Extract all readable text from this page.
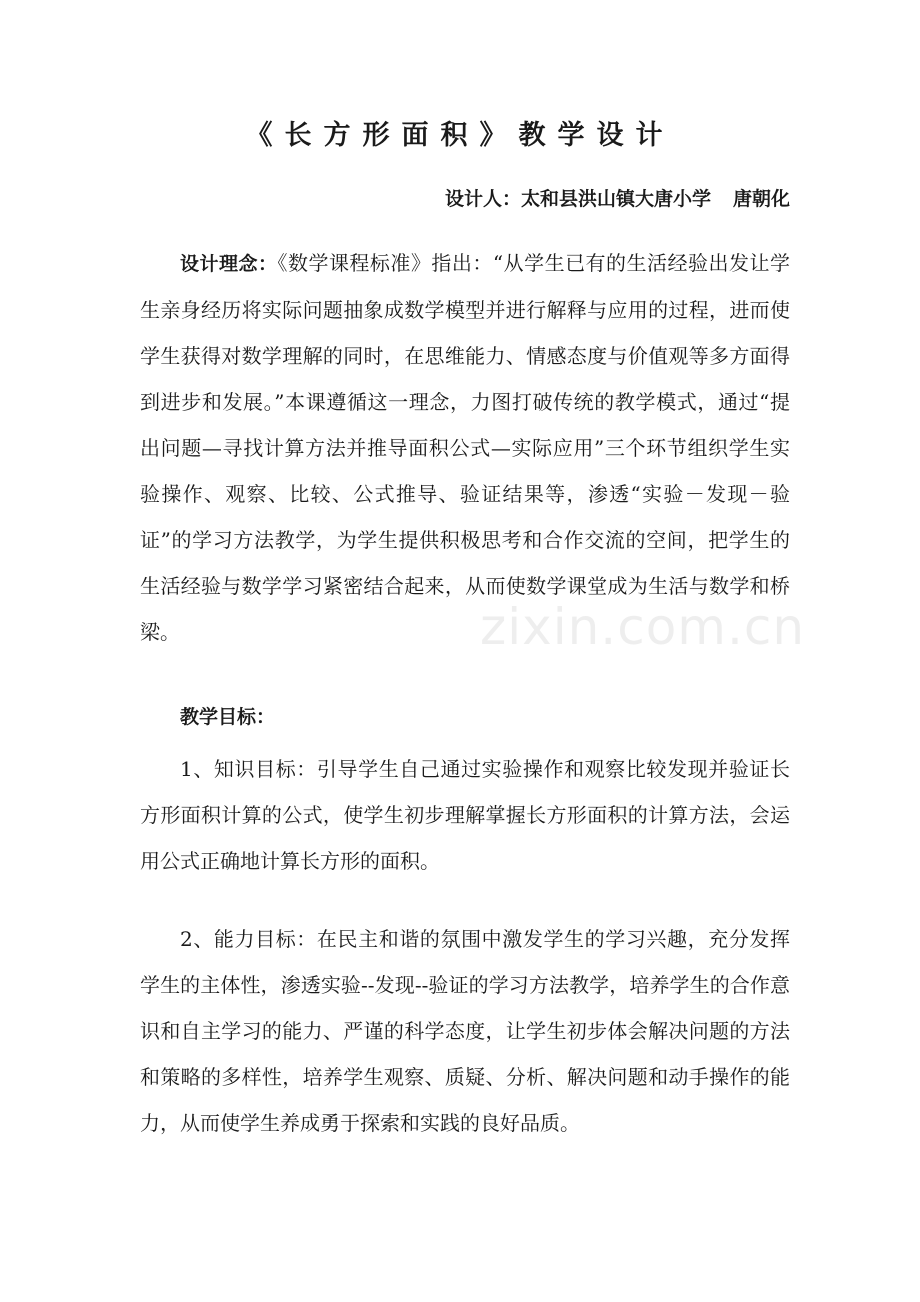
《长方形面积》教学设计
设计人：太和县洪山镇大唐小学 唐朝化

设计理念：《数学课程标准》指出：“从学生已有的生活经验出发让学生亲身经历将实际问题抽象成数学模型并进行解释与应用的过程，进而使学生获得对数学理解的同时，在思维能力、情感态度与价值观等多方面得到进步和发展。”本课遵循这一理念，力图打破传统的教学模式，通过“提出问题—寻找计算方法并推导面积公式—实际应用”三个环节组织学生实验操作、观察、比较、公式推导、验证结果等，渗透“实验－发现－验证”的学习方法教学，为学生提供积极思考和合作交流的空间，把学生的生活经验与数学学习紧密结合起来，从而使数学课堂成为生活与数学和桥梁。

教学目标：

1、知识目标：引导学生自己通过实验操作和观察比较发现并验证长方形面积计算的公式，使学生初步理解掌握长方形面积的计算方法，会运用公式正确地计算长方形的面积。

2、能力目标：在民主和谐的氛围中激发学生的学习兴趣，充分发挥学生的主体性，渗透实验--发现--验证的学习方法教学，培养学生的合作意识和自主学习的能力、严谨的科学态度，让学生初步体会解决问题的方法和策略的多样性，培养学生观察、质疑、分析、解决问题和动手操作的能力，从而使学生养成勇于探索和实践的良好品质。

zixin.com.cn
